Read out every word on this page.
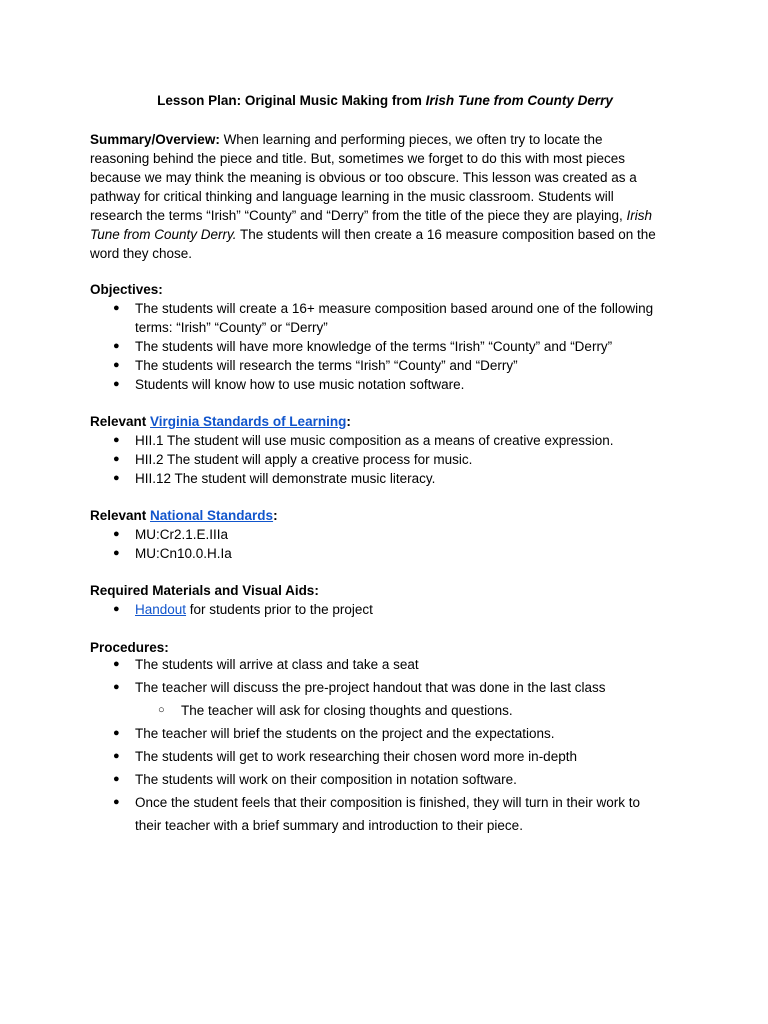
Lesson Plan: Original Music Making from Irish Tune from County Derry
Summary/Overview: When learning and performing pieces, we often try to locate the
reasoning behind the piece and title. But, sometimes we forget to do this with most pieces
because we may think the meaning is obvious or too obscure. This lesson was created as a
pathway for critical thinking and language learning in the music classroom. Students will
research the terms “Irish” “County” and “Derry” from the title of the piece they are playing, Irish
Tune from County Derry. The students will then create a 16 measure composition based on the
word they chose.
Objectives:
● The students will create a 16+ measure composition based around one of the following
terms: “Irish” “County” or “Derry”
● The students will have more knowledge of the terms “Irish” “County” and “Derry”
● The students will research the terms “Irish” “County” and “Derry”
● Students will know how to use music notation software.
Relevant Virginia Standards of Learning:
● HII.1 The student will use music composition as a means of creative expression.
● HII.2 The student will apply a creative process for music.
● HII.12 The student will demonstrate music literacy.
Relevant National Standards:
● MU:Cr2.1.E.IIIa
● MU:Cn10.0.H.Ia
Required Materials and Visual Aids:
● Handout for students prior to the project
Procedures:
● The students will arrive at class and take a seat
● The teacher will discuss the pre-project handout that was done in the last class
○ The teacher will ask for closing thoughts and questions.
● The teacher will brief the students on the project and the expectations.
● The students will get to work researching their chosen word more in-depth
● The students will work on their composition in notation software.
● Once the student feels that their composition is finished, they will turn in their work to
their teacher with a brief summary and introduction to their piece.
